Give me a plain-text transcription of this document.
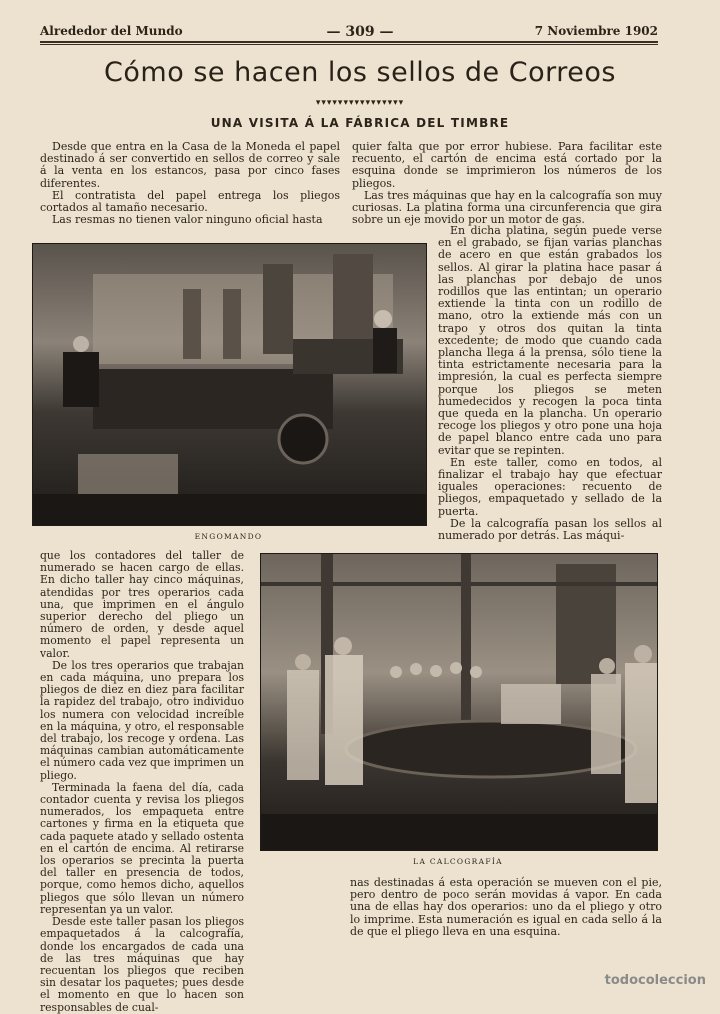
Alrededor del Mundo	— 309 —	7 Noviembre 1902
Cómo se hacen los sellos de Correos
▾▾▾▾▾▾▾▾▾▾▾▾▾▾▾▾
UNA VISITA Á LA FÁBRICA DEL TIMBRE

Desde que entra en la Casa de la Moneda el papel destinado á ser convertido en sellos de correo y sale á la venta en los estancos, pasa por cinco fases diferentes.

El contratista del papel entrega los pliegos cortados al tamaño necesario.

Las resmas no tienen valor ninguno oficial hasta

quier falta que por error hubiese. Para facilitar este recuento, el cartón de encima está cortado por la esquina donde se imprimieron los números de los pliegos.

Las tres máquinas que hay en la calcografía son muy curiosas. La platina forma una circunferencia que gira sobre un eje movido por un motor de gas.

ENGOMANDO

En dicha platina, según puede verse en el grabado, se fijan varias planchas de acero en que están grabados los sellos. Al girar la platina hace pasar á las planchas por debajo de unos rodillos que las entintan; un operario extiende la tinta con un rodillo de mano, otro la extiende más con un trapo y otros dos quitan la tinta excedente; de modo que cuando cada plancha llega á la prensa, sólo tiene la tinta estrictamente necesaria para la impresión, la cual es perfecta siempre porque los pliegos se meten humedecidos y recogen la poca tinta que queda en la plancha. Un operario recoge los pliegos y otro pone una hoja de papel blanco entre cada uno para evitar que se repinten.

En este taller, como en todos, al finalizar el trabajo hay que efectuar iguales operaciones: recuento de pliegos, empaquetado y sellado de la puerta.

De la calcografía pasan los sellos al numerado por detrás. Las máqui-

que los contadores del taller de numerado se hacen cargo de ellas. En dicho taller hay cinco máquinas, atendidas por tres operarios cada una, que imprimen en el ángulo superior derecho del pliego un número de orden, y desde aquel momento el papel representa un valor.

De los tres operarios que trabajan en cada máquina, uno prepara los pliegos de diez en diez para facilitar la rapidez del trabajo, otro individuo los numera con velocidad increíble en la máquina, y otro, el responsable del trabajo, los recoge y ordena. Las máquinas cambian automáticamente el número cada vez que imprimen un pliego.

Terminada la faena del día, cada contador cuenta y revisa los pliegos numerados, los empaqueta entre cartones y firma en la etiqueta que cada paquete atado y sellado ostenta en el cartón de encima. Al retirarse los operarios se precinta la puerta del taller en presencia de todos, porque, como hemos dicho, aquellos pliegos que sólo llevan un número representan ya un valor.

Desde este taller pasan los pliegos empaquetados á la calcografía, donde los encargados de cada una de las tres máquinas que hay recuentan los pliegos que reciben sin desatar los paquetes; pues desde el momento en que lo hacen son responsables de cual-

LA CALCOGRAFÍA

nas destinadas á esta operación se mueven con el pie, pero dentro de poco serán movidas á vapor. En cada una de ellas hay dos operarios: uno da el pliego y otro lo imprime. Esta numeración es igual en cada sello á la de que el pliego lleva en una esquina.

todocoleccion
